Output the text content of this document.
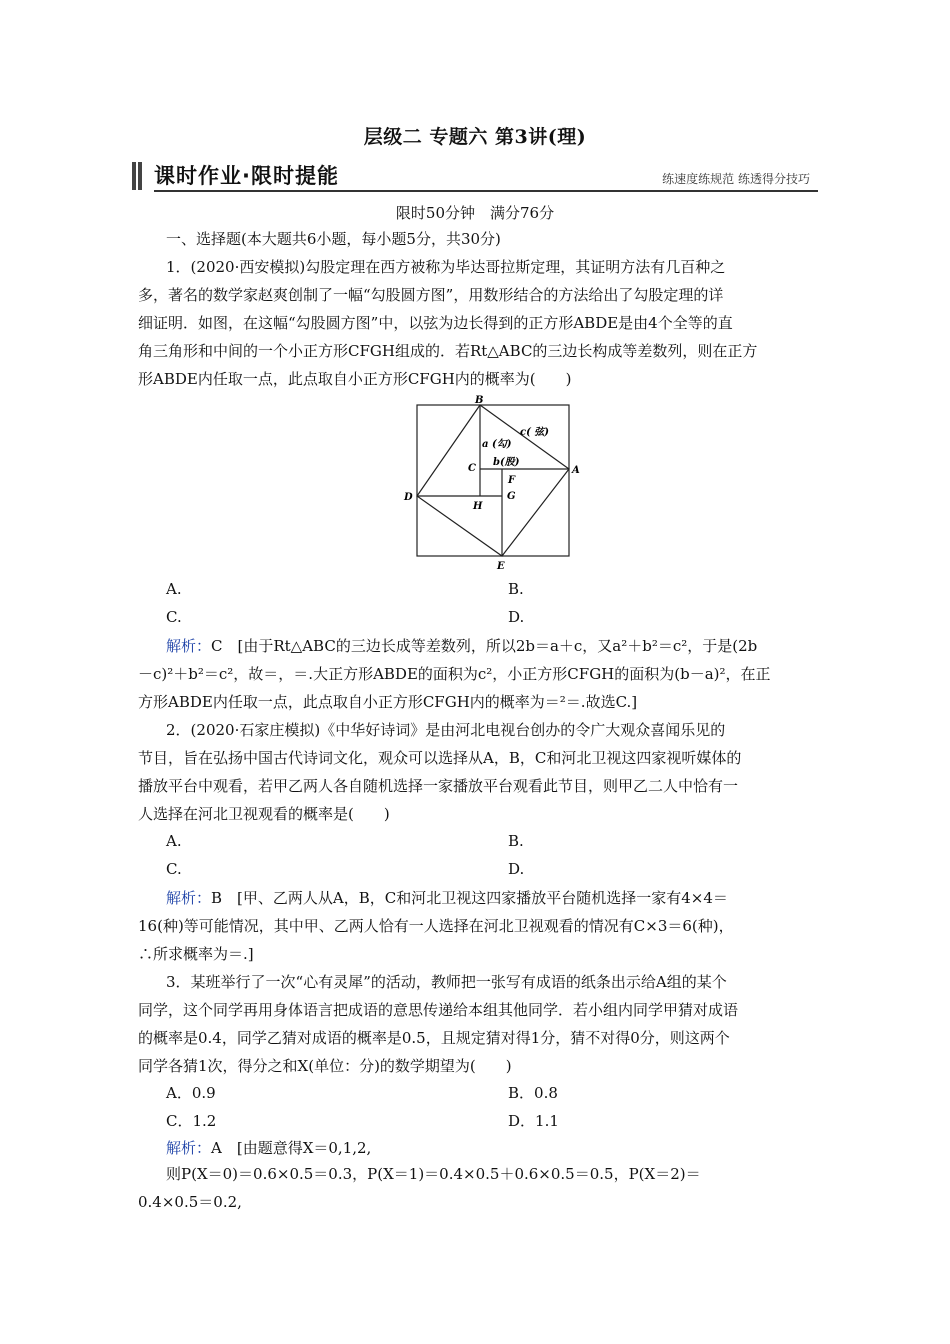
层级二 专题六 第3讲(理)
课时作业·限时提能	练速度练规范 练透得分技巧
限时50分钟　满分76分
一、选择题(本大题共6小题，每小题5分，共30分)
1．(2020·西安模拟)勾股定理在西方被称为毕达哥拉斯定理，其证明方法有几百种之
多，著名的数学家赵爽创制了一幅“勾股圆方图”，用数形结合的方法给出了勾股定理的详
细证明．如图，在这幅“勾股圆方图”中，以弦为边长得到的正方形ABDE是由4个全等的直
角三角形和中间的一个小正方形CFGH组成的．若Rt△ABC的三边长构成等差数列，则在正方
形ABDE内任取一点，此点取自小正方形CFGH内的概率为(　　)
B
A
D
E
C
F
G
H
c( 弦)
a (勾)
b(股)
A.	B.
C.	D.
解析：C　[由于Rt△ABC的三边长成等差数列，所以2b＝a＋c，又a²＋b²＝c²，于是(2b
－c)²＋b²＝c²，故＝，＝.大正方形ABDE的面积为c²，小正方形CFGH的面积为(b－a)²，在正
方形ABDE内任取一点，此点取自小正方形CFGH内的概率为＝²＝.故选C.]
2．(2020·石家庄模拟)《中华好诗词》是由河北电视台创办的令广大观众喜闻乐见的
节目，旨在弘扬中国古代诗词文化，观众可以选择从A，B，C和河北卫视这四家视听媒体的
播放平台中观看，若甲乙两人各自随机选择一家播放平台观看此节目，则甲乙二人中恰有一
人选择在河北卫视观看的概率是(　　)
A.	B.
C.	D.
解析：B　[甲、乙两人从A，B，C和河北卫视这四家播放平台随机选择一家有4×4＝
16(种)等可能情况，其中甲、乙两人恰有一人选择在河北卫视观看的情况有C×3＝6(种)，
∴所求概率为＝.]
3．某班举行了一次“心有灵犀”的活动，教师把一张写有成语的纸条出示给A组的某个
同学，这个同学再用身体语言把成语的意思传递给本组其他同学．若小组内同学甲猜对成语
的概率是0.4，同学乙猜对成语的概率是0.5，且规定猜对得1分，猜不对得0分，则这两个
同学各猜1次，得分之和X(单位：分)的数学期望为(　　)
A．0.9	B．0.8
C．1.2	D．1.1
解析：A　[由题意得X＝0,1,2,
则P(X＝0)＝0.6×0.5＝0.3，P(X＝1)＝0.4×0.5＋0.6×0.5＝0.5，P(X＝2)＝
0.4×0.5＝0.2,
